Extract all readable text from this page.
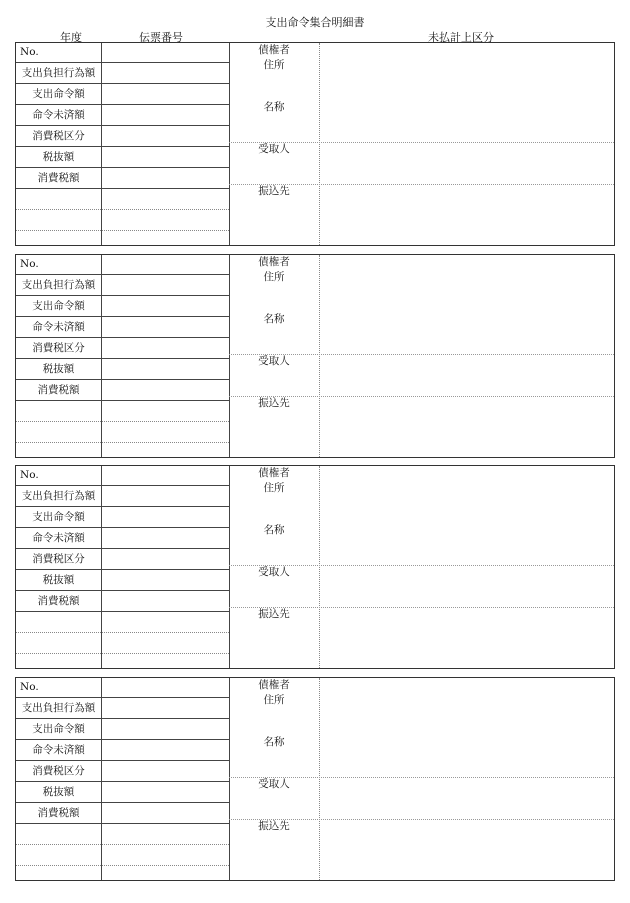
支出命令集合明細書
年度	伝票番号	未払計上区分
No.
支出負担行為額
支出命令額
命令未済額
消費税区分
税抜額
消費税額
債権者
住所
名称
受取人
振込先
No.
支出負担行為額
支出命令額
命令未済額
消費税区分
税抜額
消費税額
債権者
住所
名称
受取人
振込先
No.
支出負担行為額
支出命令額
命令未済額
消費税区分
税抜額
消費税額
債権者
住所
名称
受取人
振込先
No.
支出負担行為額
支出命令額
命令未済額
消費税区分
税抜額
消費税額
債権者
住所
名称
受取人
振込先
